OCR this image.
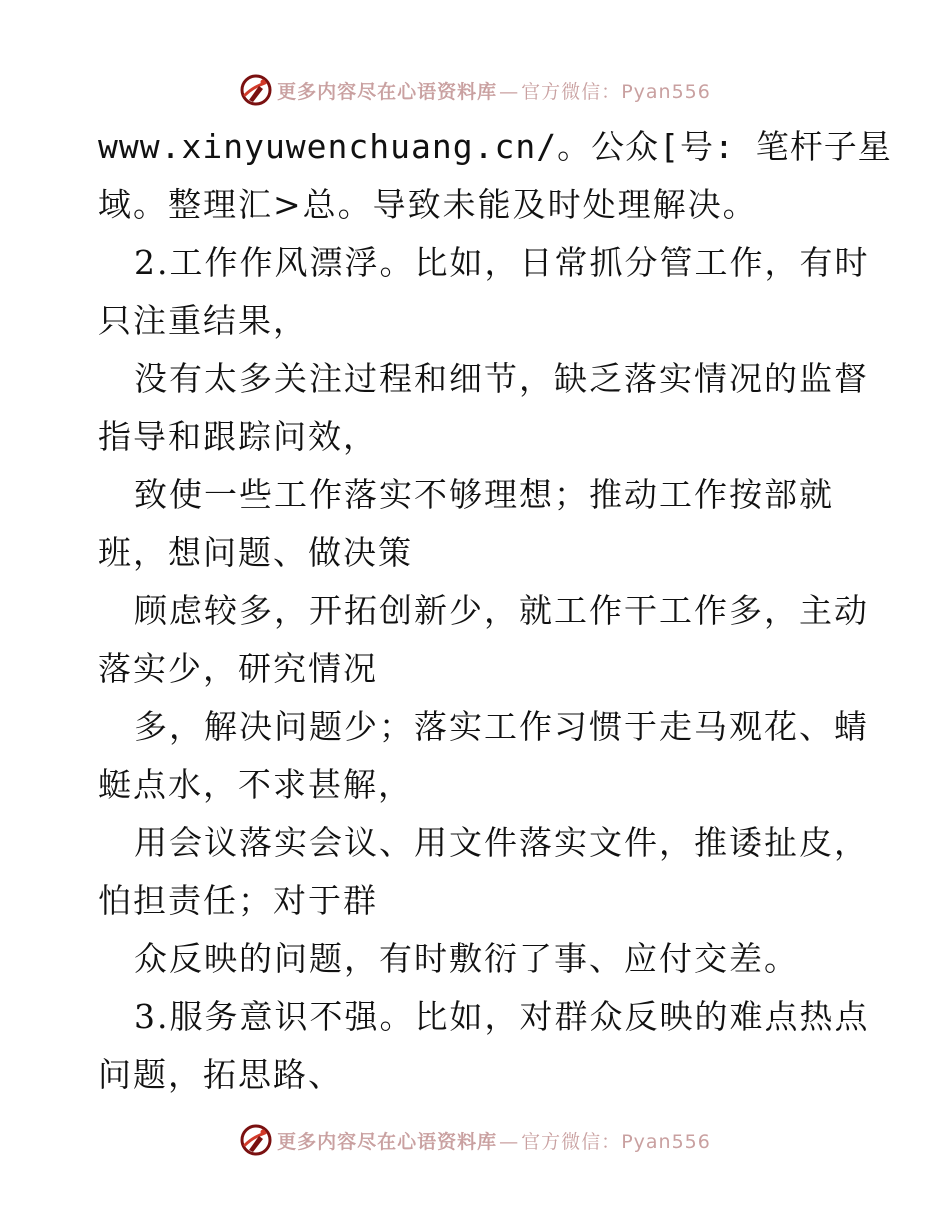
更多内容尽在心语资料库 — 官方微信：Pyan556
www.xinyuwenchuang.cn/。公众[号: 笔杆子星
域。整理汇>总。导致未能及时处理解决。
2.工作作风漂浮。比如，日常抓分管工作，有时
只注重结果，
没有太多关注过程和细节，缺乏落实情况的监督
指导和跟踪问效，
致使一些工作落实不够理想；推动工作按部就
班，想问题、做决策
顾虑较多，开拓创新少，就工作干工作多，主动
落实少，研究情况
多，解决问题少；落实工作习惯于走马观花、蜻
蜓点水，不求甚解，
用会议落实会议、用文件落实文件，推诿扯皮，
怕担责任；对于群
众反映的问题，有时敷衍了事、应付交差。
3.服务意识不强。比如，对群众反映的难点热点
问题，拓思路、
更多内容尽在心语资料库 — 官方微信：Pyan556
